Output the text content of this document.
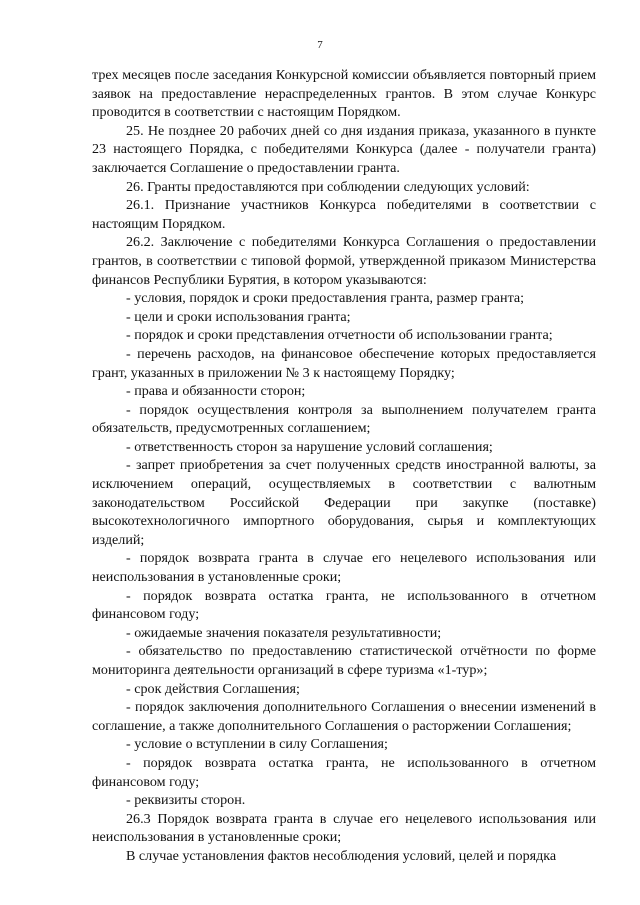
7

трех месяцев после заседания Конкурсной комиссии объявляется повторный прием заявок на предоставление нераспределенных грантов. В этом случае Конкурс проводится в соответствии с настоящим Порядком.

25. Не позднее 20 рабочих дней со дня издания приказа, указанного в пункте 23 настоящего Порядка, с победителями Конкурса (далее - получатели гранта) заключается Соглашение о предоставлении гранта.

26. Гранты предоставляются при соблюдении следующих условий:

26.1. Признание участников Конкурса победителями в соответствии с настоящим Порядком.

26.2. Заключение с победителями Конкурса Соглашения о предоставлении грантов, в соответствии с типовой формой, утвержденной приказом Министерства финансов Республики Бурятия, в котором указываются:

- условия, порядок и сроки предоставления гранта, размер гранта;

- цели и сроки использования гранта;

- порядок и сроки представления отчетности об использовании гранта;

- перечень расходов, на финансовое обеспечение которых предоставляется грант, указанных в приложении № 3 к настоящему Порядку;

- права и обязанности сторон;

- порядок осуществления контроля за выполнением получателем гранта обязательств, предусмотренных соглашением;

- ответственность сторон за нарушение условий соглашения;

- запрет приобретения за счет полученных средств иностранной валюты, за исключением операций, осуществляемых в соответствии с валютным законодательством Российской Федерации при закупке (поставке) высокотехнологичного импортного оборудования, сырья и комплектующих изделий;

- порядок возврата гранта в случае его нецелевого использования или неиспользования в установленные сроки;

- порядок возврата остатка гранта, не использованного в отчетном финансовом году;

- ожидаемые значения показателя результативности;

- обязательство по предоставлению статистической отчётности по форме мониторинга деятельности организаций в сфере туризма «1-тур»;

- срок действия Соглашения;

- порядок заключения дополнительного Соглашения о внесении изменений в соглашение, а также дополнительного Соглашения о расторжении Соглашения;

- условие о вступлении в силу Соглашения;

- порядок возврата остатка гранта, не использованного в отчетном финансовом году;

- реквизиты сторон.

26.3 Порядок возврата гранта в случае его нецелевого использования или неиспользования в установленные сроки;

В случае установления фактов несоблюдения условий, целей и порядка
